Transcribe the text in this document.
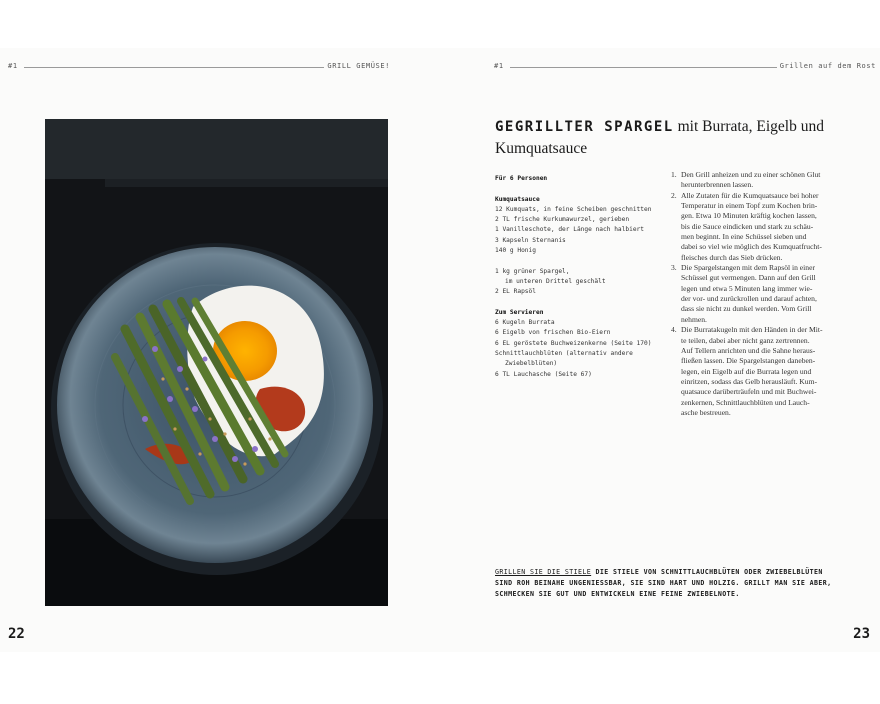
#1	GRILL GEMÜSE!
22
#1	Grillen auf dem Rost
GEGRILLTER SPARGEL mit Burrata, Eigelb und Kumquatsauce
Für 6 Personen
Kumquatsauce
12 Kumquats, in feine Scheiben geschnitten
2 TL frische Kurkumawurzel, gerieben
1 Vanilleschote, der Länge nach halbiert
3 Kapseln Sternanis
140 g Honig
1 kg grüner Spargel,
im unteren Drittel geschält
2 EL Rapsöl
Zum Servieren
6 Kugeln Burrata
6 Eigelb von frischen Bio-Eiern
6 EL geröstete Buchweizenkerne (Seite 170)
Schnittlauchblüten (alternativ andere
Zwiebelblüten)
6 TL Lauchasche (Seite 67)
1. Den Grill anheizen und zu einer schönen Glut
herunterbrennen lassen.
2. Alle Zutaten für die Kumquatsauce bei hoher
Temperatur in einem Topf zum Kochen brin-
gen. Etwa 10 Minuten kräftig kochen lassen,
bis die Sauce eindicken und stark zu schäu-
men beginnt. In eine Schüssel sieben und
dabei so viel wie möglich des Kumquatfrucht-
fleisches durch das Sieb drücken.
3. Die Spargelstangen mit dem Rapsöl in einer
Schüssel gut vermengen. Dann auf den Grill
legen und etwa 5 Minuten lang immer wie-
der vor- und zurückrollen und darauf achten,
dass sie nicht zu dunkel werden. Vom Grill
nehmen.
4. Die Burratakugeln mit den Händen in der Mit-
te teilen, dabei aber nicht ganz zertrennen.
Auf Tellern anrichten und die Sahne heraus-
fließen lassen. Die Spargelstangen daneben-
legen, ein Eigelb auf die Burrata legen und
einritzen, sodass das Gelb herausläuft. Kum-
quatsauce darüberträufeln und mit Buchwei-
zenkernen, Schnittlauchblüten und Lauch-
asche bestreuen.
GRILLEN SIE DIE STIELE DIE STIELE VON SCHNITTLAUCHBLÜTEN ODER ZWIEBELBLÜTEN SIND ROH BEINAHE UNGENIESSBAR, SIE SIND HART UND HOLZIG. GRILLT MAN SIE ABER, SCHMECKEN SIE GUT UND ENTWICKELN EINE FEINE ZWIEBELNOTE.
23
